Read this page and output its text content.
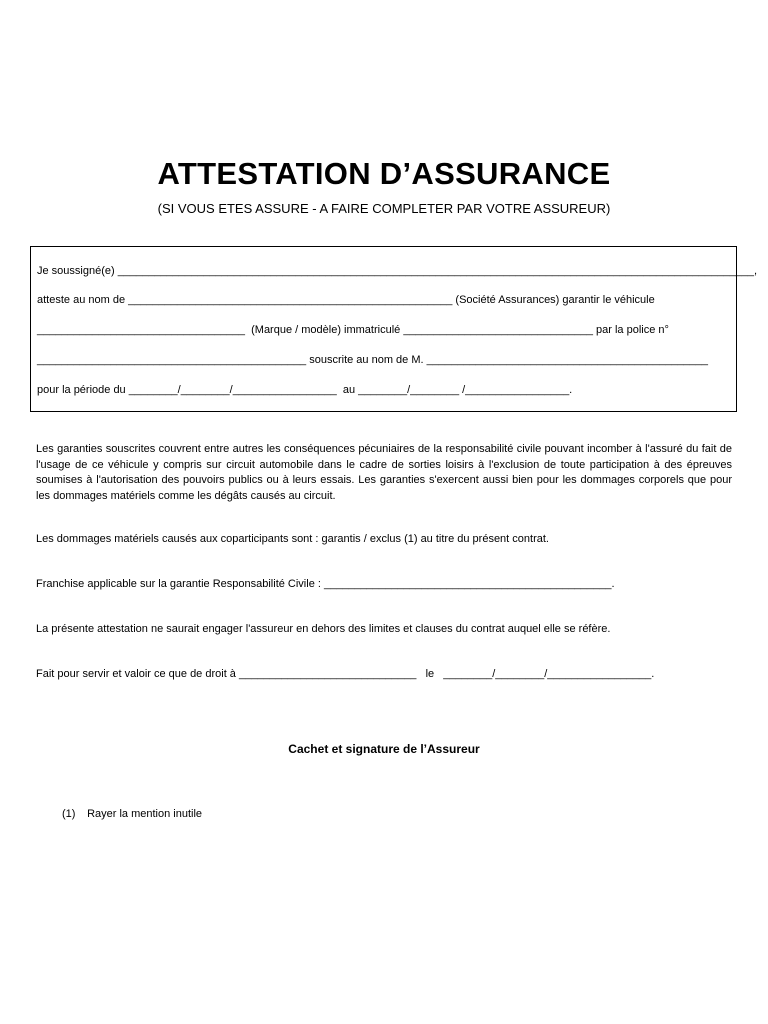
ATTESTATION D’ASSURANCE
(SI VOUS ETES ASSURE - A FAIRE COMPLETER PAR VOTRE ASSUREUR)
Je soussigné(e) ________________________________________________________________________________________________________,
atteste au nom de _____________________________________________________ (Société Assurances) garantir le véhicule
__________________________________  (Marque / modèle) immatriculé _______________________________ par la police n°
____________________________________________ souscrite au nom de M. ______________________________________________
pour la période du ________/________/_________________  au ________/________ /_________________.
Les garanties souscrites couvrent entre autres les conséquences pécuniaires de la responsabilité civile pouvant incomber à l'assuré du fait de l'usage de ce véhicule y compris sur circuit automobile dans le cadre de sorties loisirs à l'exclusion de toute participation à des épreuves soumises à l'autorisation des pouvoirs publics ou à leurs essais. Les garanties s'exercent aussi bien pour les dommages corporels que pour les dommages matériels comme les dégâts causés au circuit.
Les dommages matériels causés aux coparticipants sont : garantis / exclus (1) au titre du présent contrat.
Franchise applicable sur la garantie Responsabilité Civile : _______________________________________________.
La présente attestation ne saurait engager l'assureur en dehors des limites et clauses du contrat auquel elle se réfère.
Fait pour servir et valoir ce que de droit à _____________________________   le   ________/________/_________________.
Cachet et signature de l’Assureur
(1) Rayer la mention inutile
